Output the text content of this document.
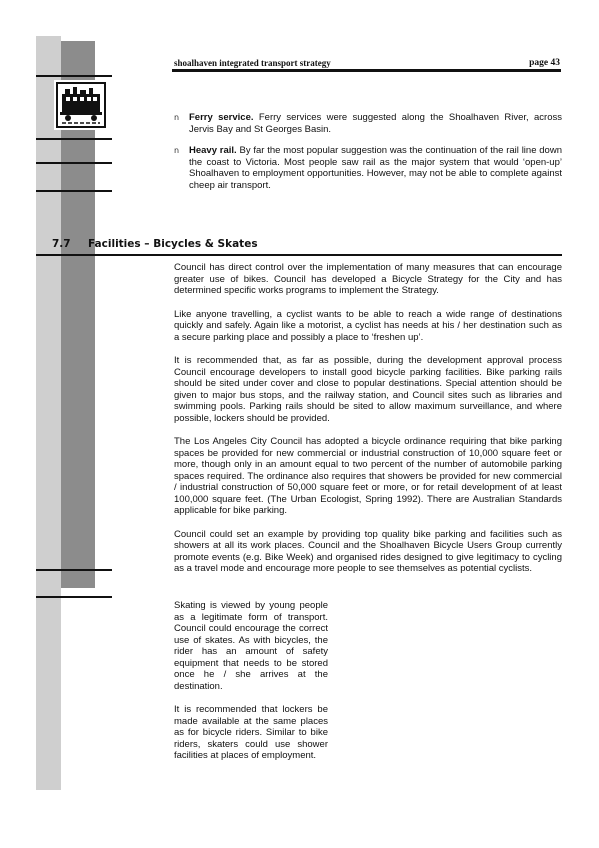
shoalhaven integrated transport strategy	page 43
n Ferry service. Ferry services were suggested along the Shoalhaven River, across Jervis Bay and St Georges Basin.
n Heavy rail. By far the most popular suggestion was the continuation of the rail line down the coast to Victoria. Most people saw rail as the major system that would ‘open-up’ Shoalhaven to employment opportunities. However, may not be able to complete against cheep air transport.
7.7 Facilities – Bicycles & Skates

Council has direct control over the implementation of many measures that can encourage greater use of bikes. Council has developed a Bicycle Strategy for the City and has determined specific works programs to implement the Strategy.

Like anyone travelling, a cyclist wants to be able to reach a wide range of destinations quickly and safely. Again like a motorist, a cyclist has needs at his / her destination such as a secure parking place and possibly a place to ‘freshen up’.

It is recommended that, as far as possible, during the development approval process Council encourage developers to install good bicycle parking facilities. Bike parking rails should be sited under cover and close to popular destinations. Special attention should be given to major bus stops, and the railway station, and Council sites such as libraries and swimming pools. Parking rails should be sited to allow maximum surveillance, and where possible, lockers should be provided.

The Los Angeles City Council has adopted a bicycle ordinance requiring that bike parking spaces be provided for new commercial or industrial construction of 10,000 square feet or more, though only in an amount equal to two percent of the number of automobile parking spaces required. The ordinance also requires that showers be provided for new commercial / industrial construction of 50,000 square feet or more, or for retail development of at least 100,000 square feet. (The Urban Ecologist, Spring 1992). There are Australian Standards applicable for bike parking.

Council could set an example by providing top quality bike parking and facilities such as showers at all its work places. Council and the Shoalhaven Bicycle Users Group currently promote events (e.g. Bike Week) and organised rides designed to give legitimacy to cycling as a travel mode and encourage more people to see themselves as potential cyclists.

Skating is viewed by young people as a legitimate form of transport. Council could encourage the correct use of skates. As with bicycles, the rider has an amount of safety equipment that needs to be stored once he / she arrives at the destination.

It is recommended that lockers be made available at the same places as for bicycle riders. Similar to bike riders, skaters could use shower facilities at places of employment.
